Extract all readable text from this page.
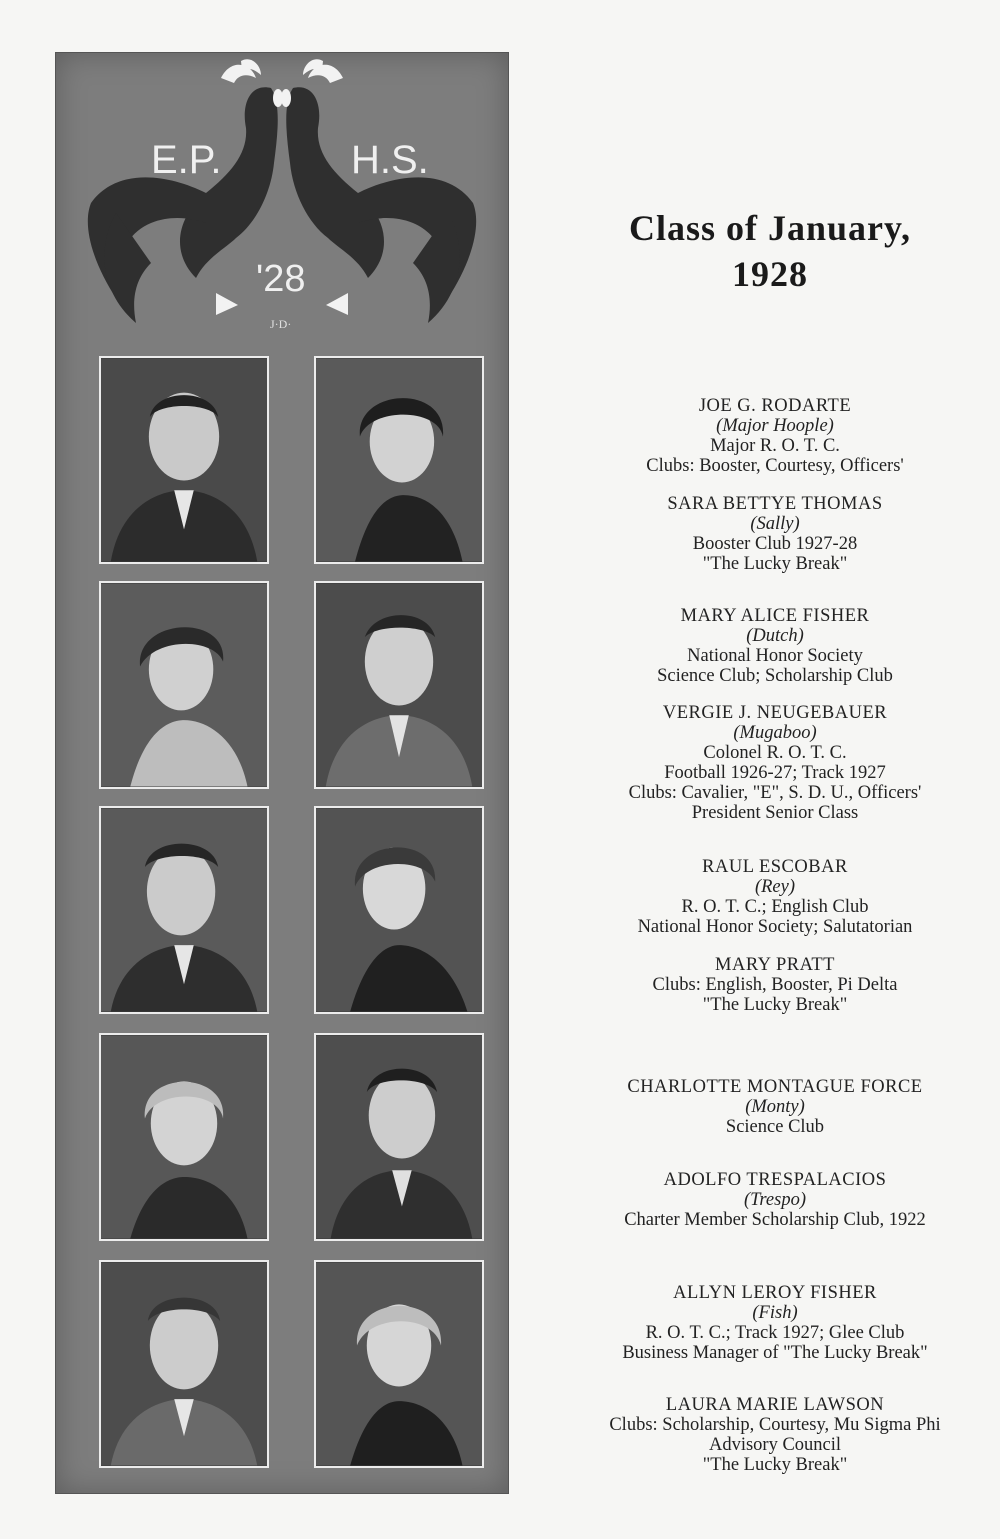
E.P.	H.S.
'28
J·D·
Class of January,
1928
JOE G. RODARTE
(Major Hoople)
Major R. O. T. C.
Clubs: Booster, Courtesy, Officers'
SARA BETTYE THOMAS
(Sally)
Booster Club 1927-28
"The Lucky Break"
MARY ALICE FISHER
(Dutch)
National Honor Society
Science Club; Scholarship Club
VERGIE J. NEUGEBAUER
(Mugaboo)
Colonel R. O. T. C.
Football 1926-27; Track 1927
Clubs: Cavalier, "E", S. D. U., Officers'
President Senior Class
RAUL ESCOBAR
(Rey)
R. O. T. C.; English Club
National Honor Society; Salutatorian
MARY PRATT
Clubs: English, Booster, Pi Delta
"The Lucky Break"
CHARLOTTE MONTAGUE FORCE
(Monty)
Science Club
ADOLFO TRESPALACIOS
(Trespo)
Charter Member Scholarship Club, 1922
ALLYN LEROY FISHER
(Fish)
R. O. T. C.; Track 1927; Glee Club
Business Manager of "The Lucky Break"
LAURA MARIE LAWSON
Clubs: Scholarship, Courtesy, Mu Sigma Phi
Advisory Council
"The Lucky Break"
